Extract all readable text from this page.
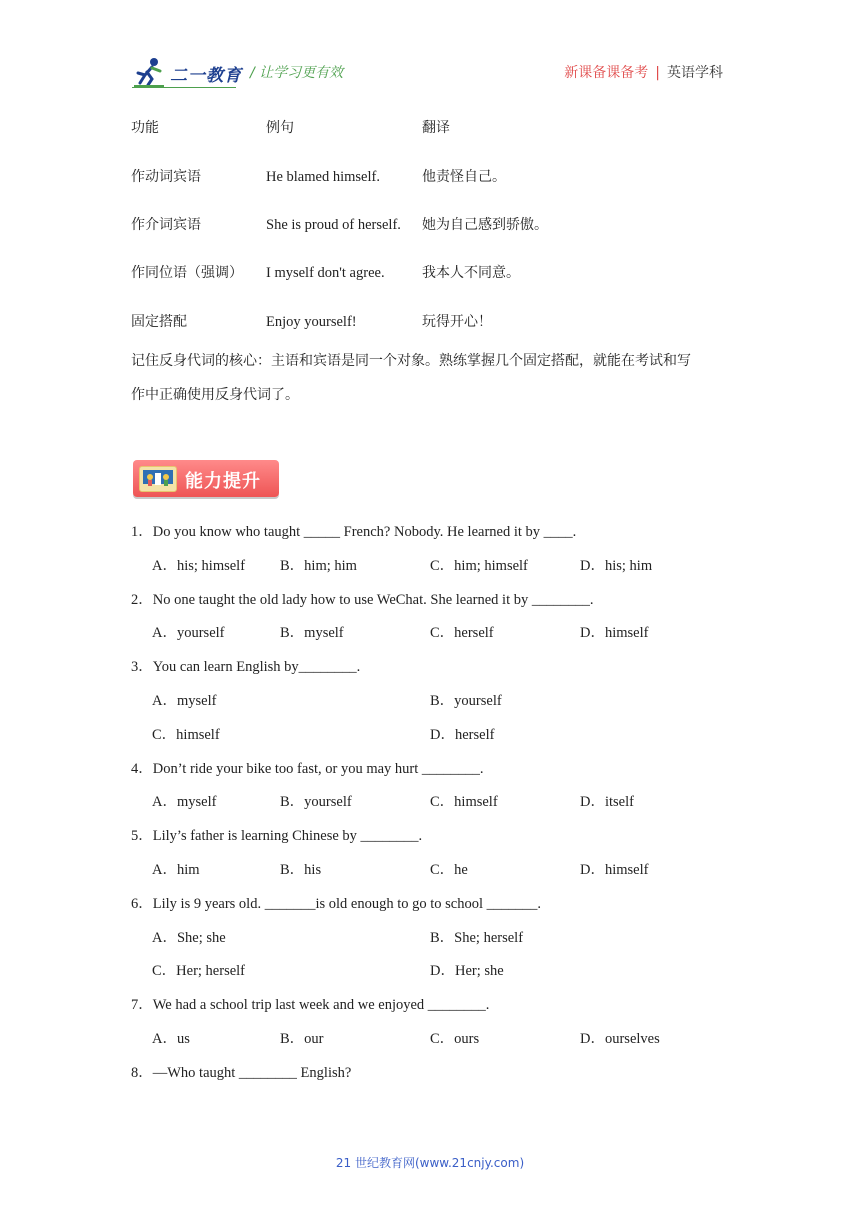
二一教育 / 让学习更有效	新课备课备考 | 英语学科
功能	例句	翻译
作动词宾语	He blamed himself.	他责怪自己。
作介词宾语	She is proud of herself. 她为自己感到骄傲。
作同位语（强调） I myself don't agree.	我本人不同意。
固定搭配	Enjoy yourself!	玩得开心！
记住反身代词的核心：主语和宾语是同一个对象。熟练掌握几个固定搭配，就能在考试和写
作中正确使用反身代词了。
能力提升
1．Do you know who taught _____ French? Nobody. He learned it by ____.
A．his; himself B．him; him	C．him; himself	D．his; him
2．No one taught the old lady how to use WeChat. She learned it by ________.
A．yourself	B．myself	C．herself	D．himself
3．You can learn English by________.
A．myself	B．yourself
C．himself	D．herself
4．Don’t ride your bike too fast, or you may hurt ________.
A．myself	B．yourself	C．himself	D．itself
5．Lily’s father is learning Chinese by ________.
A．him	B．his	C．he	D．himself
6．Lily is 9 years old. _______is old enough to go to school _______.
A．She; she	B．She; herself
C．Her; herself	D．Her; she
7．We had a school trip last week and we enjoyed ________.
A．us	B．our	C．ours	D．ourselves
8．—Who taught ________ English?
21 世纪教育网(www.21cnjy.com)
